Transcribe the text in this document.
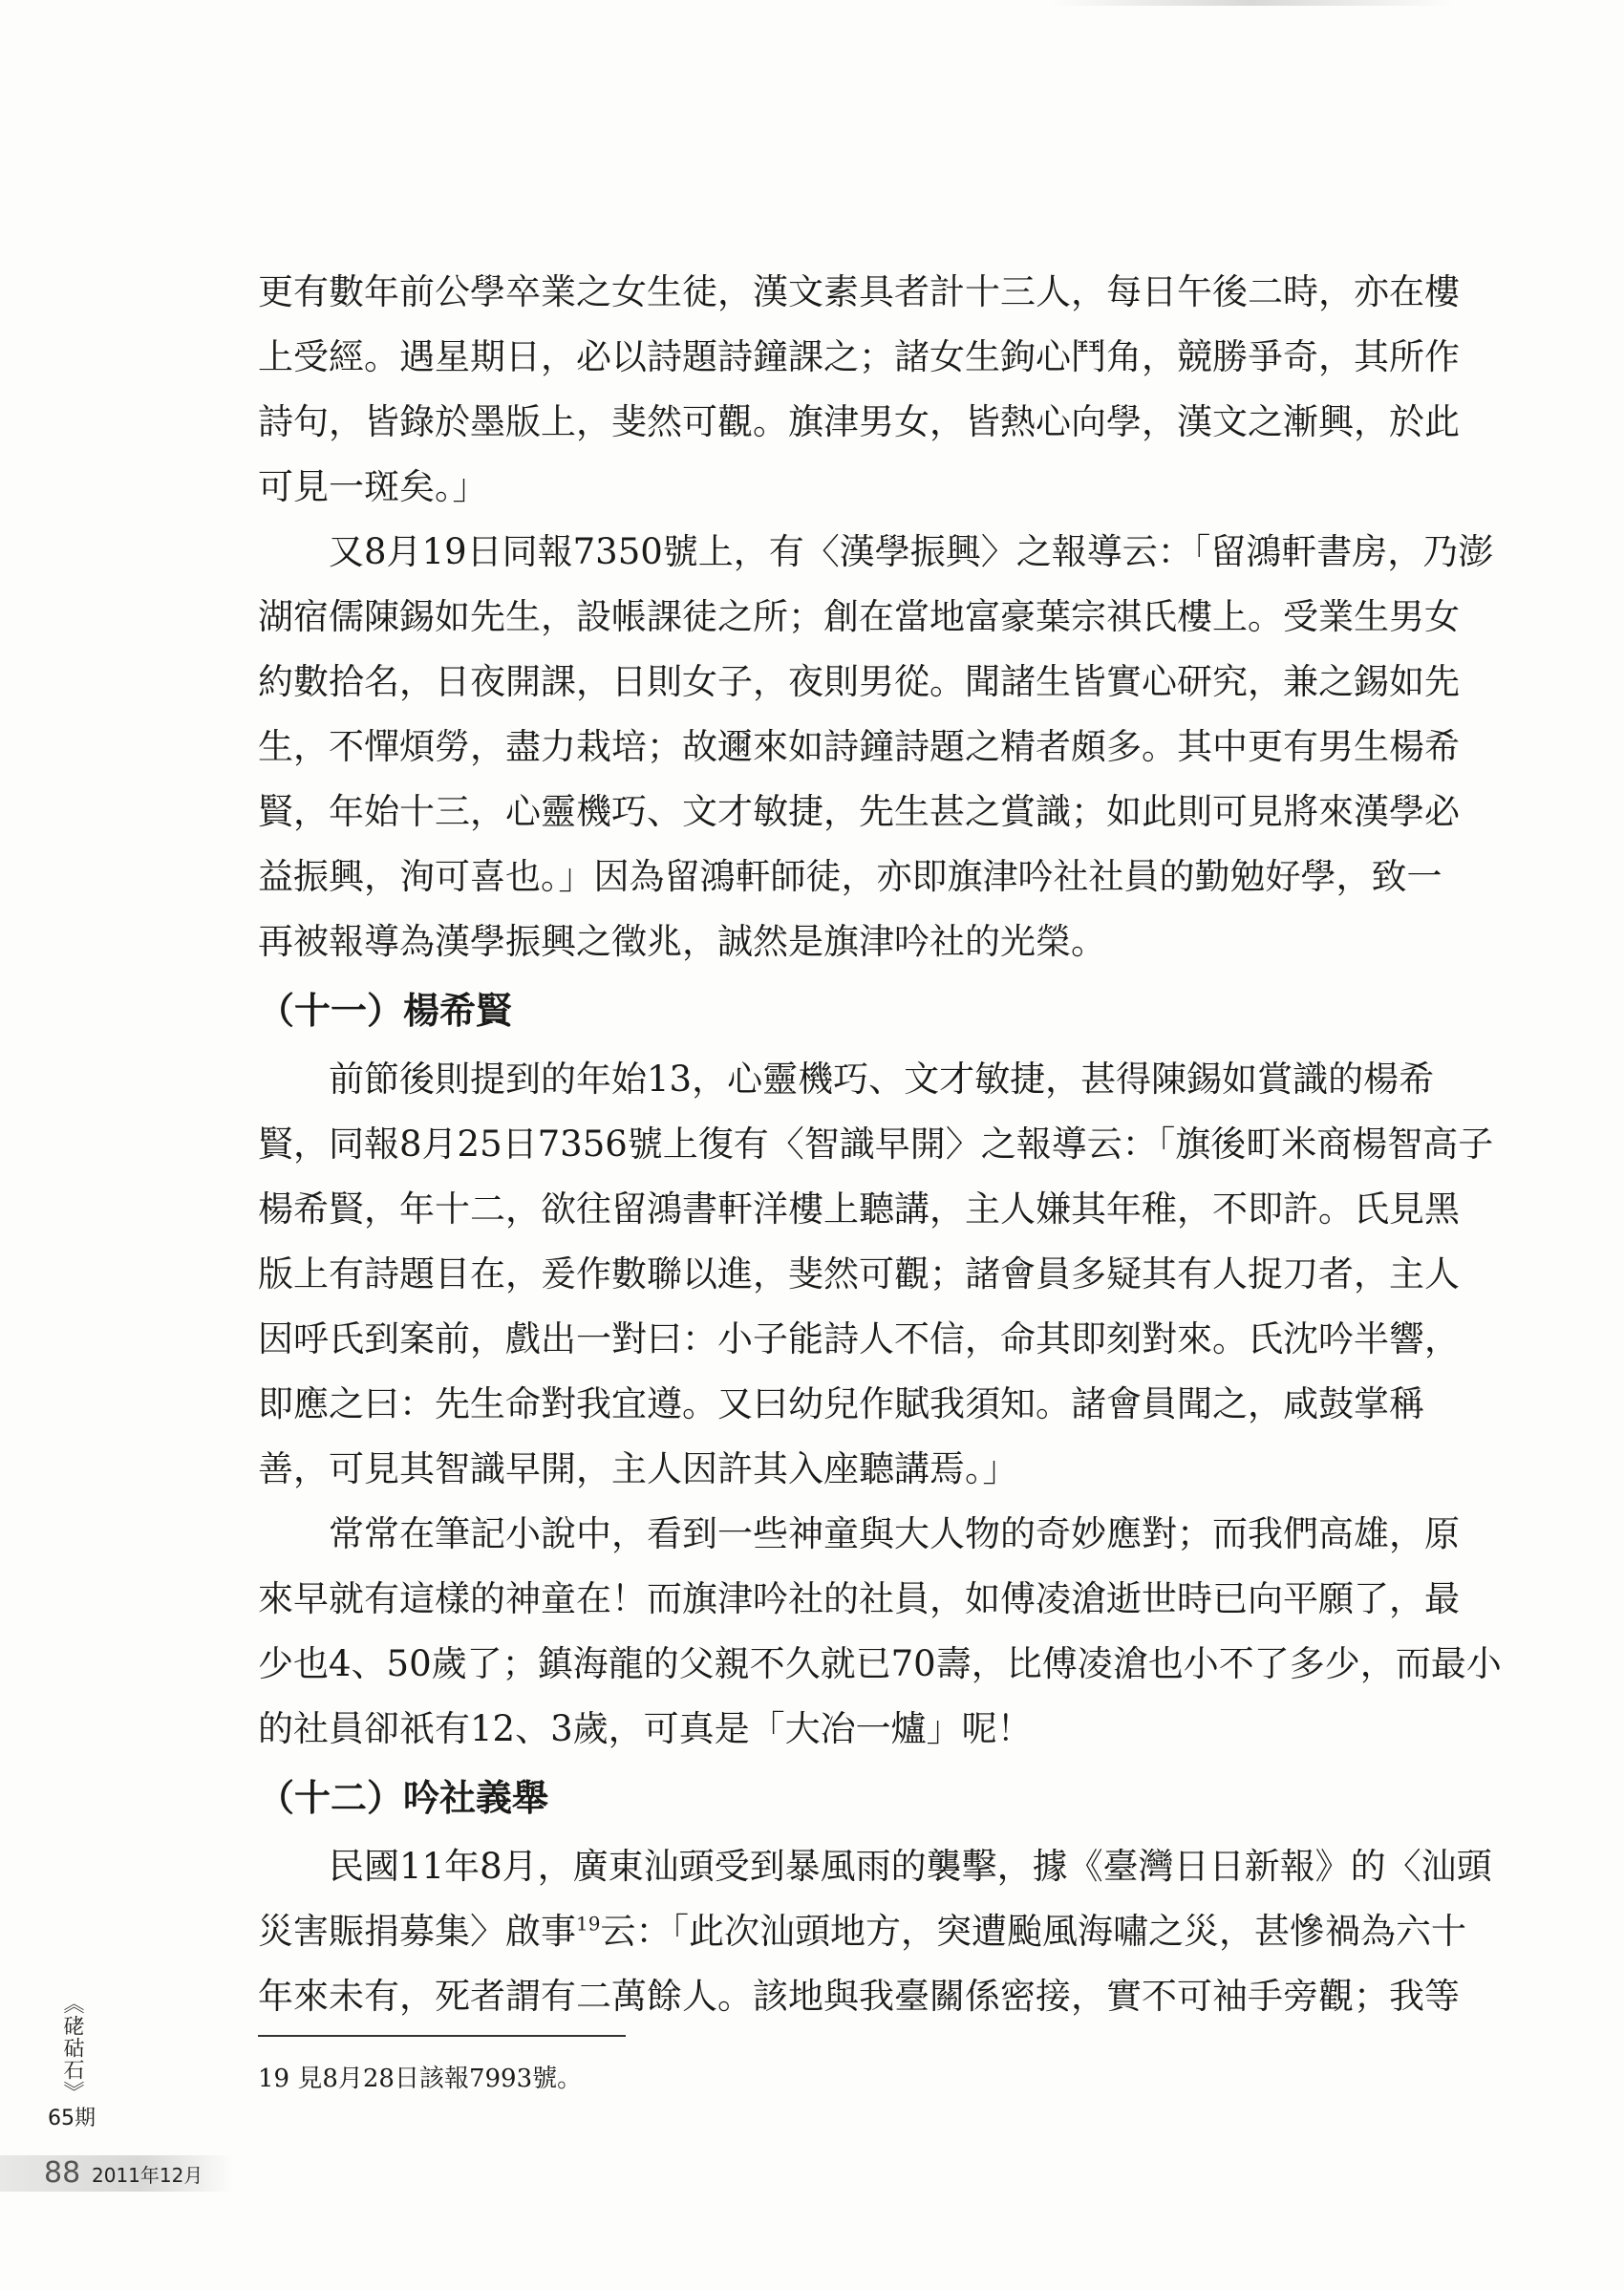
更有數年前公學卒業之女生徒，漢文素具者計十三人，每日午後二時，亦在樓

上受經。遇星期日，必以詩題詩鐘課之；諸女生鉤心鬥角，競勝爭奇，其所作

詩句，皆錄於墨版上，斐然可觀。旗津男女，皆熱心向學，漢文之漸興，於此

可見一斑矣。」

又8月19日同報7350號上，有〈漢學振興〉之報導云：「留鴻軒書房，乃澎

湖宿儒陳錫如先生，設帳課徒之所；創在當地富豪葉宗祺氏樓上。受業生男女

約數拾名，日夜開課，日則女子，夜則男從。聞諸生皆實心研究，兼之錫如先

生，不憚煩勞，盡力栽培；故邇來如詩鐘詩題之精者頗多。其中更有男生楊希

賢，年始十三，心靈機巧、文才敏捷，先生甚之賞識；如此則可見將來漢學必

益振興，洵可喜也。」因為留鴻軒師徒，亦即旗津吟社社員的勤勉好學，致一

再被報導為漢學振興之徵兆，誠然是旗津吟社的光榮。

（十一）楊希賢

前節後則提到的年始13，心靈機巧、文才敏捷，甚得陳錫如賞識的楊希

賢，同報8月25日7356號上復有〈智識早開〉之報導云：「旗後町米商楊智高子

楊希賢，年十二，欲往留鴻書軒洋樓上聽講，主人嫌其年稚，不即許。氏見黑

版上有詩題目在，爰作數聯以進，斐然可觀；諸會員多疑其有人捉刀者，主人

因呼氏到案前，戲出一對曰：小子能詩人不信，命其即刻對來。氏沈吟半響，

即應之曰：先生命對我宜遵。又曰幼兒作賦我須知。諸會員聞之，咸鼓掌稱

善，可見其智識早開，主人因許其入座聽講焉。」

常常在筆記小說中，看到一些神童與大人物的奇妙應對；而我們高雄，原

來早就有這樣的神童在！而旗津吟社的社員，如傅凌滄逝世時已向平願了，最

少也4、50歲了；鎮海龍的父親不久就已70壽，比傅凌滄也小不了多少，而最小

的社員卻祇有12、3歲，可真是「大冶一爐」呢！

（十二）吟社義舉

民國11年8月，廣東汕頭受到暴風雨的襲擊，據《臺灣日日新報》的〈汕頭

災害賑捐募集〉啟事$^{19}$云：「此次汕頭地方，突遭颱風海嘯之災，甚慘禍為六十

年來未有，死者謂有二萬餘人。該地與我臺關係密接，實不可袖手旁觀；我等

19 見8月28日該報7993號。
《硓𥑮石》
65期
88 2011年12月
